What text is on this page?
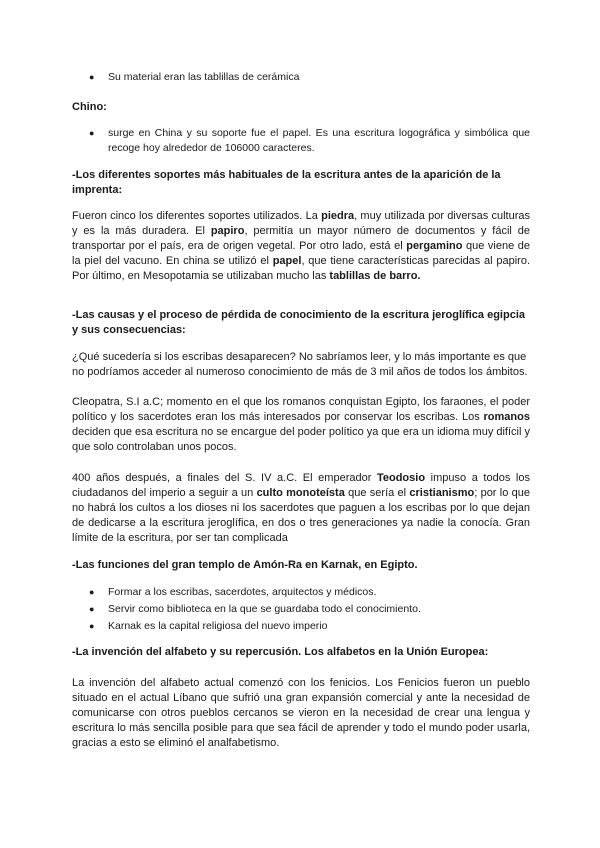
● Su material eran las tablillas de cerámica

Chino:

● surge en China y su soporte fue el papel. Es una escritura logográfica y simbólica que recoge hoy alrededor de 106000 caracteres.

-Los diferentes soportes más habituales de la escritura antes de la aparición de la imprenta:

Fueron cinco los diferentes soportes utilizados. La piedra, muy utilizada por diversas culturas y es la más duradera. El papiro, permitía un mayor número de documentos y fácil de transportar por el país, era de origen vegetal. Por otro lado, está el pergamino que viene de la piel del vacuno. En china se utilizó el papel, que tiene características parecidas al papiro. Por último, en Mesopotamia se utilizaban mucho las tablillas de barro.

-Las causas y el proceso de pérdida de conocimiento de la escritura jeroglífica egipcia y sus consecuencias:

¿Qué sucedería si los escribas desaparecen? No sabríamos leer, y lo más importante es que no podríamos acceder al numeroso conocimiento de más de 3 mil años de todos los ámbitos.

Cleopatra, S.I a.C; momento en el que los romanos conquistan Egipto, los faraones, el poder político y los sacerdotes eran los más interesados por conservar los escribas. Los romanos deciden que esa escritura no se encargue del poder político ya que era un idioma muy difícil y que solo controlaban unos pocos.

400 años después, a finales del S. IV a.C. El emperador Teodosio impuso a todos los ciudadanos del imperio a seguir a un culto monoteísta que sería el cristianismo; por lo que no habrá los cultos a los dioses ni los sacerdotes que paguen a los escribas por lo que dejan de dedicarse a la escritura jeroglífica, en dos o tres generaciones ya nadie la conocía. Gran límite de la escritura, por ser tan complicada

-Las funciones del gran templo de Amón-Ra en Karnak, en Egipto.

● Formar a los escribas, sacerdotes, arquitectos y médicos.
● Servir como biblioteca en la que se guardaba todo el conocimiento.
● Karnak es la capital religiosa del nuevo imperio

-La invención del alfabeto y su repercusión. Los alfabetos en la Unión Europea:

La invención del alfabeto actual comenzó con los fenicios. Los Fenicios fueron un pueblo situado en el actual Líbano que sufrió una gran expansión comercial y ante la necesidad de comunicarse con otros pueblos cercanos se vieron en la necesidad de crear una lengua y escritura lo más sencilla posible para que sea fácil de aprender y todo el mundo poder usarla, gracias a esto se eliminó el analfabetismo.
